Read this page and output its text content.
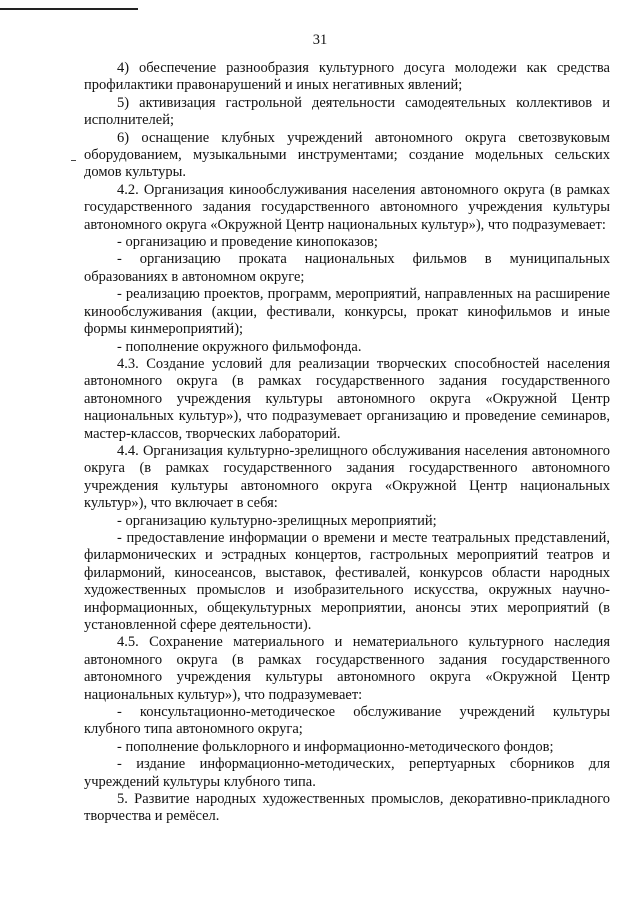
31

4) обеспечение разнообразия культурного досуга молодежи как средства профилактики правонарушений и иных негативных явлений;

5) активизация гастрольной деятельности самодеятельных коллективов и исполнителей;

6) оснащение клубных учреждений автономного округа светозвуковым оборудованием, музыкальными инструментами; создание модельных сельских домов культуры.

4.2. Организация кинообслуживания населения автономного округа (в рамках государственного задания государственного автономного учреждения культуры автономного округа «Окружной Центр национальных культур»), что подразумевает:

- организацию и проведение кинопоказов;

- организацию проката национальных фильмов в муниципальных образованиях в автономном округе;

- реализацию проектов, программ, мероприятий, направленных на расширение кинообслуживания (акции, фестивали, конкурсы, прокат кинофильмов и иные формы кинмероприятий);

- пополнение окружного фильмофонда.

4.3. Создание условий для реализации творческих способностей населения автономного округа (в рамках государственного задания государственного автономного учреждения культуры автономного округа «Окружной Центр национальных культур»), что подразумевает организацию и проведение семинаров, мастер-классов, творческих лабораторий.

4.4. Организация культурно-зрелищного обслуживания населения автономного округа (в рамках государственного задания государственного автономного учреждения культуры автономного округа «Окружной Центр национальных культур»), что включает в себя:

- организацию культурно-зрелищных мероприятий;

- предоставление информации о времени и месте театральных представлений, филармонических и эстрадных концертов, гастрольных мероприятий театров и филармоний, киносеансов, выставок, фестивалей, конкурсов области народных художественных промыслов и изобразительного искусства, окружных научно-информационных, общекультурных мероприятии, анонсы этих мероприятий (в установленной сфере деятельности).

4.5. Сохранение материального и нематериального культурного наследия автономного округа (в рамках государственного задания государственного автономного учреждения культуры автономного округа «Окружной Центр национальных культур»), что подразумевает:

- консультационно-методическое обслуживание учреждений культуры клубного типа автономного округа;

- пополнение фольклорного и информационно-методического фондов;

- издание информационно-методических, репертуарных сборников для учреждений культуры клубного типа.

5. Развитие народных художественных промыслов, декоративно-прикладного творчества и ремёсел.
